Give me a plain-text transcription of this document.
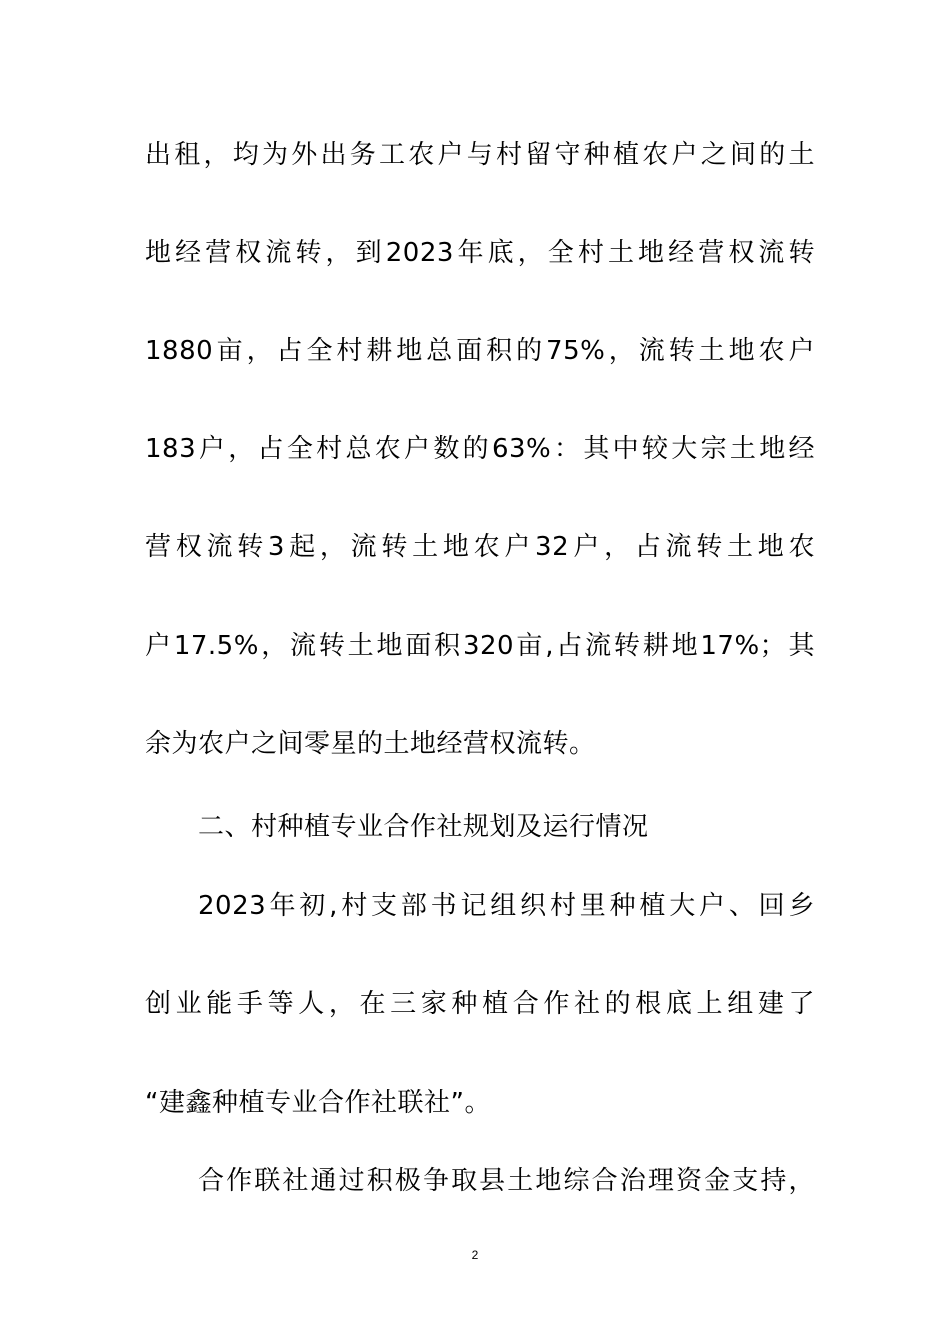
出租，均为外出务工农户与村留守种植农户之间的土
地经营权流转，到2023年底，全村土地经营权流转
1880亩，占全村耕地总面积的75%，流转土地农户
183户，占全村总农户数的63%：其中较大宗土地经
营权流转3起，流转土地农户32户，占流转土地农
户17.5%，流转土地面积320亩,占流转耕地17%；其
余为农户之间零星的土地经营权流转。
二、村种植专业合作社规划及运行情况
2023年初,村支部书记组织村里种植大户、回乡
创业能手等人，在三家种植合作社的根底上组建了
“建鑫种植专业合作社联社”。
合作联社通过积极争取县土地综合治理资金支持，
2
